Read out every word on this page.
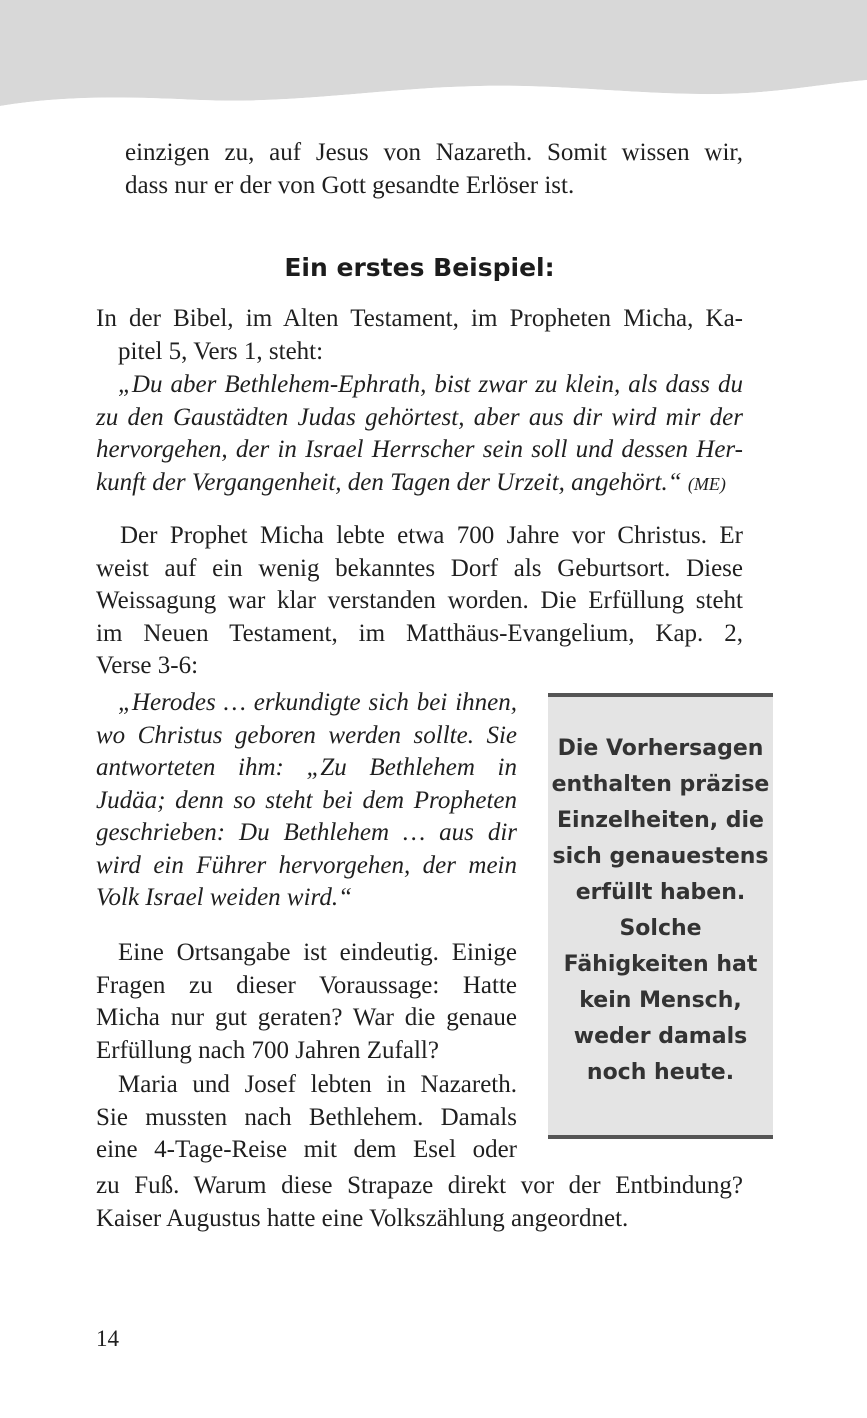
einzigen zu, auf Jesus von Nazareth. Somit wissen wir,
dass nur er der von Gott gesandte Erlöser ist.
Ein erstes Beispiel:
In der Bibel, im Alten Testament, im Propheten Micha, Ka-
pitel 5, Vers 1, steht:
„Du aber Bethlehem-Ephrath, bist zwar zu klein, als dass du
zu den Gaustädten Judas gehörtest, aber aus dir wird mir der
hervorgehen, der in Israel Herrscher sein soll und dessen Her-
kunft der Vergangenheit, den Tagen der Urzeit, angehört.“ (ME)
Der Prophet Micha lebte etwa 700 Jahre vor Christus. Er
weist auf ein wenig bekanntes Dorf als Geburtsort. Diese
Weissagung war klar verstanden worden. Die Erfüllung steht
im Neuen Testament, im Matthäus-Evangelium, Kap. 2,
Verse 3-6:
„Herodes … erkundigte sich bei ihnen,
wo Christus geboren werden sollte. Sie
antworteten ihm: „Zu Bethlehem in
Judäa; denn so steht bei dem Propheten
geschrieben: Du Bethlehem … aus dir
wird ein Führer hervorgehen, der mein
Volk Israel weiden wird.“
Eine Ortsangabe ist eindeutig. Einige
Fragen zu dieser Voraussage: Hatte
Micha nur gut geraten? War die genaue
Erfüllung nach 700 Jahren Zufall?
Maria und Josef lebten in Nazareth.
Sie mussten nach Bethlehem. Damals
eine 4-Tage-Reise mit dem Esel oder
zu Fuß. Warum diese Strapaze direkt vor der Entbindung?
Kaiser Augustus hatte eine Volkszählung angeordnet.
Die Vorhersagen
enthalten präzise
Einzelheiten, die
sich genauestens
erfüllt haben.
Solche
Fähigkeiten hat
kein Mensch,
weder damals
noch heute.
14
